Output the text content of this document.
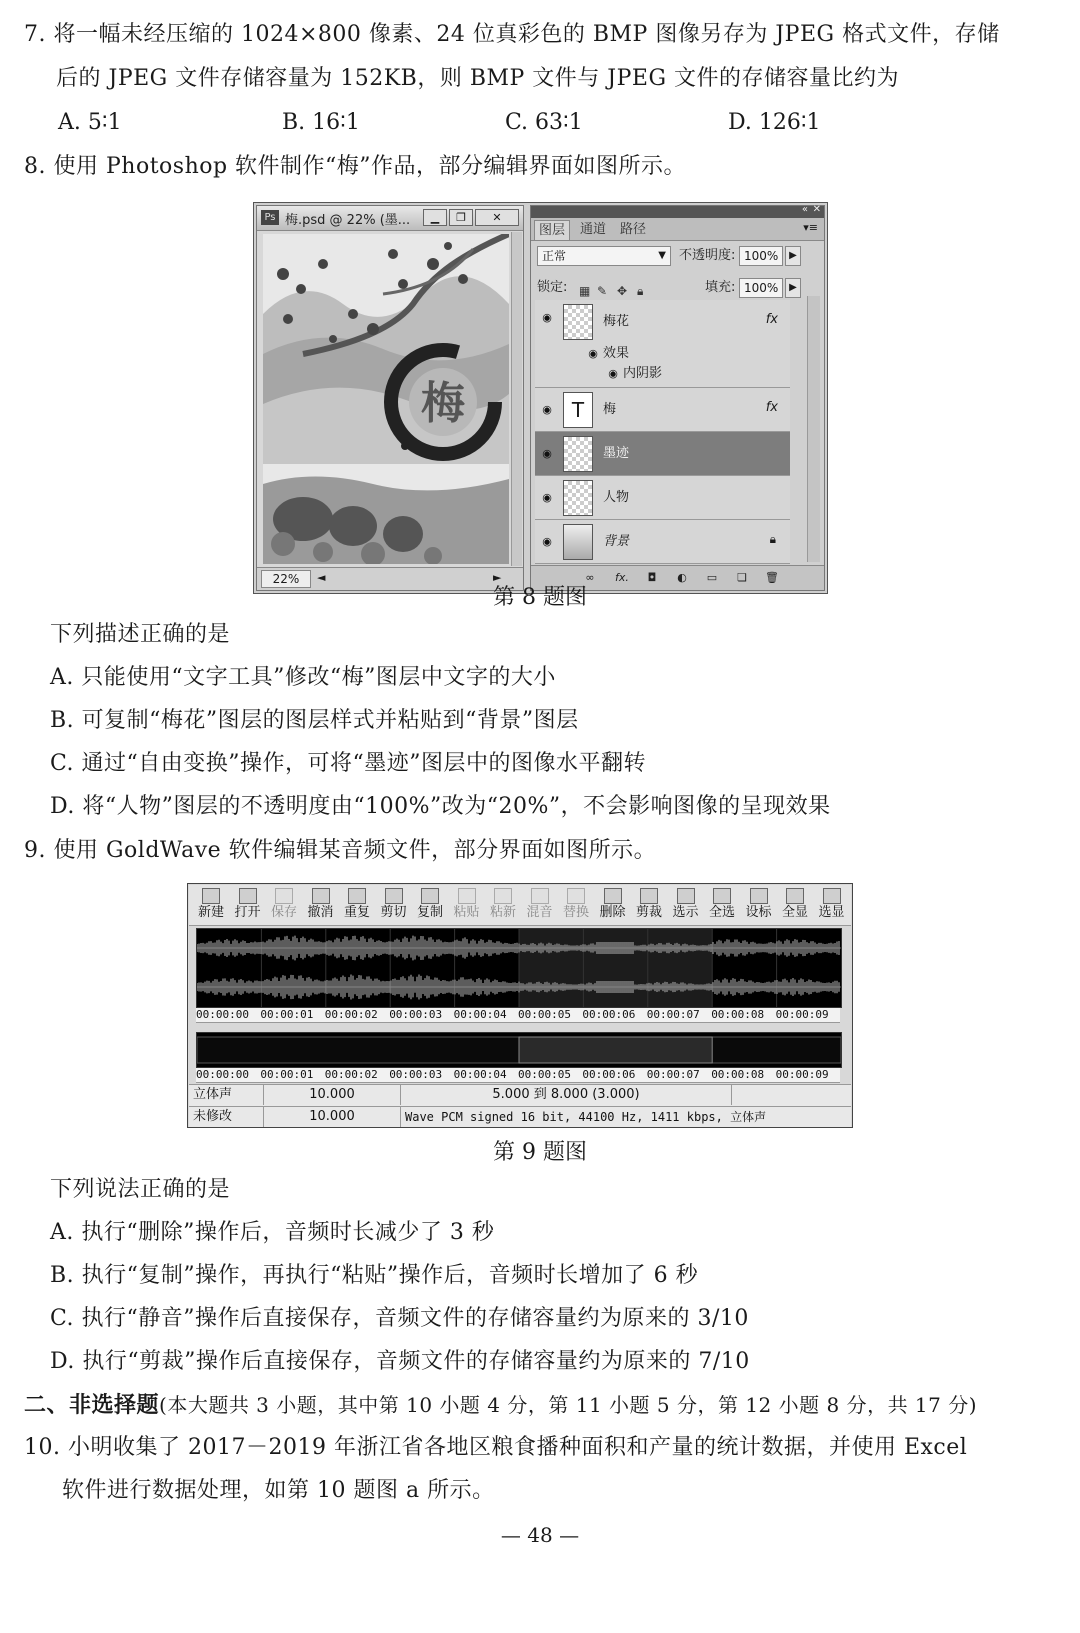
7. 将一幅未经压缩的 1024×800 像素、24 位真彩色的 BMP 图像另存为 JPEG 格式文件，存储
后的 JPEG 文件存储容量为 152KB，则 BMP 文件与 JPEG 文件的存储容量比约为
A. 5∶1	B. 16∶1	C. 63∶1	D. 126∶1
8. 使用 Photoshop 软件制作“梅”作品，部分编辑界面如图所示。
Ps 梅.psd @ 22% (墨...	▁	❐	✕
梅
22%	◄	►
« ✕
图层	通道	路径	▾≡
正常	▼ 不透明度: 100%	▶
锁定: ▦ ✎ ✥ 🔒︎	填充: 100%	▶
◉	梅花	fx
◉ 效果
◉ 内阴影
◉	T	梅	fx
◉	墨迹
◉	人物
◉	背景	🔒︎
∞	fx.	◘	◐	▭	❏	🗑︎
第 8 题图
下列描述正确的是
A. 只能使用“文字工具”修改“梅”图层中文字的大小
B. 可复制“梅花”图层的图层样式并粘贴到“背景”图层
C. 通过“自由变换”操作，可将“墨迹”图层中的图像水平翻转
D. 将“人物”图层的不透明度由“100%”改为“20%”，不会影响图像的呈现效果
9. 使用 GoldWave 软件编辑某音频文件，部分界面如图所示。
新建 打开 保存 撤消 重复 剪切 复制 粘贴 粘新 混音 替换 删除 剪裁 选示 全选 设标 全显 选显
00:00:00 00:00:01 00:00:02 00:00:03 00:00:04 00:00:05 00:00:06 00:00:07 00:00:08 00:00:09
00:00:00 00:00:01 00:00:02 00:00:03 00:00:04 00:00:05 00:00:06 00:00:07 00:00:08 00:00:09
立体声	10.000	5.000 到 8.000 (3.000)
未修改	10.000	Wave PCM signed 16 bit, 44100 Hz, 1411 kbps, 立体声
第 9 题图
下列说法正确的是
A. 执行“删除”操作后，音频时长减少了 3 秒
B. 执行“复制”操作，再执行“粘贴”操作后，音频时长增加了 6 秒
C. 执行“静音”操作后直接保存，音频文件的存储容量约为原来的 3/10
D. 执行“剪裁”操作后直接保存，音频文件的存储容量约为原来的 7/10
二、非选择题(本大题共 3 小题，其中第 10 小题 4 分，第 11 小题 5 分，第 12 小题 8 分，共 17 分)
10. 小明收集了 2017－2019 年浙江省各地区粮食播种面积和产量的统计数据，并使用 Excel
软件进行数据处理，如第 10 题图 a 所示。
— 48 —
